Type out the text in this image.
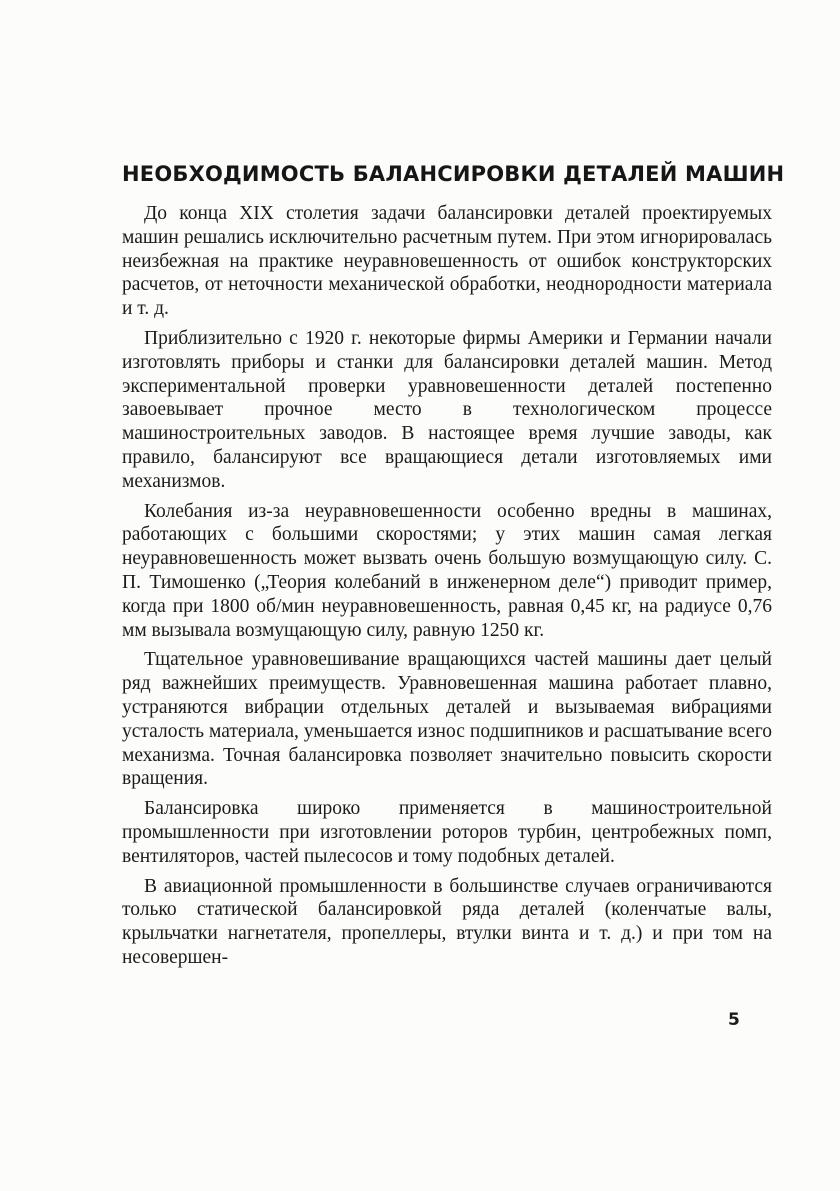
НЕОБХОДИМОСТЬ БАЛАНСИРОВКИ ДЕТАЛЕЙ МАШИН

До конца XIX столетия задачи балансировки деталей проектируемых машин решались исключительно расчетным путем. При этом игнорировалась неизбежная на практике неуравновешенность от ошибок конструкторских расчетов, от неточности механической обработки, неоднородности материала и т. д.

Приблизительно с 1920 г. некоторые фирмы Америки и Германии начали изготовлять приборы и станки для балансировки деталей машин. Метод экспериментальной проверки уравновешенности деталей постепенно завоевывает прочное место в технологическом процессе машиностроительных заводов. В настоящее время лучшие заводы, как правило, балансируют все вращающиеся детали изготовляемых ими механизмов.

Колебания из-за неуравновешенности особенно вредны в машинах, работающих с большими скоростями; у этих машин самая легкая неуравновешенность может вызвать очень большую возмущающую силу. С. П. Тимошенко („Теория колебаний в инженерном деле“) приводит пример, когда при 1800 об/мин неуравновешенность, равная 0,45 кг, на радиусе 0,76 мм вызывала возмущающую силу, равную 1250 кг.

Тщательное уравновешивание вращающихся частей машины дает целый ряд важнейших преимуществ. Уравновешенная машина работает плавно, устраняются вибрации отдельных деталей и вызываемая вибрациями усталость материала, уменьшается износ подшипников и расшатывание всего механизма. Точная балансировка позволяет значительно повысить скорости вращения.

Балансировка широко применяется в машиностроительной промышленности при изготовлении роторов турбин, центробежных помп, вентиляторов, частей пылесосов и тому подобных деталей.

В авиационной промышленности в большинстве случаев ограничиваются только статической балансировкой ряда деталей (коленчатые валы, крыльчатки нагнетателя, пропеллеры, втулки винта и т. д.) и при том на несовершен-

5
